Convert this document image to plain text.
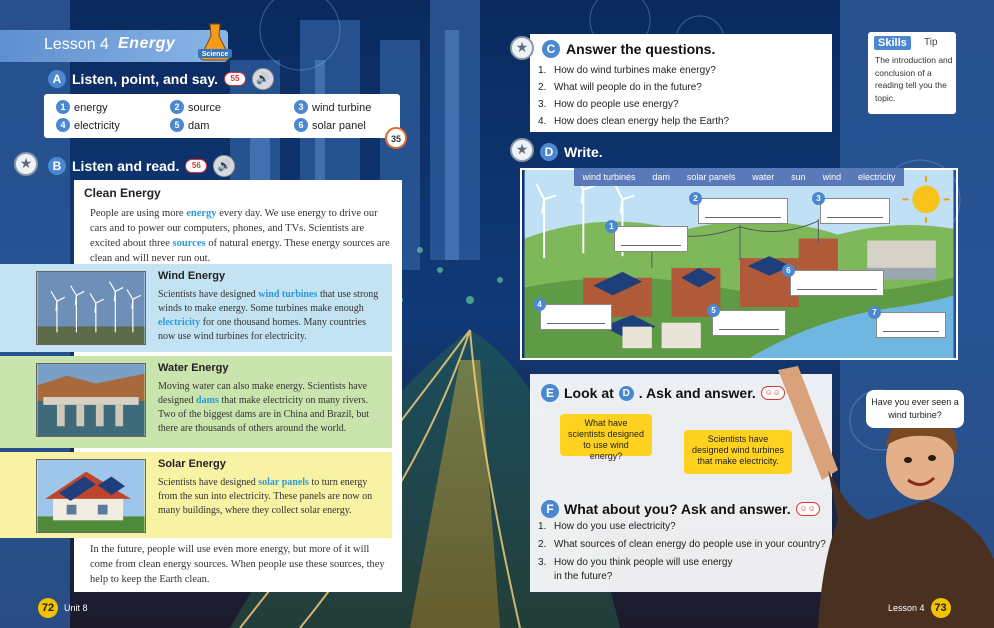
Lesson 4 Energy
Science
A Listen, point, and say.	55	🔊
1 energy	2 source	3 wind turbine
4 electricity	5 dam	6 solar panel
35
★	B Listen and read.	56	🔊
Clean Energy
People are using more energy every day. We use energy to drive our cars and to power our computers, phones, and TVs. Scientists are excited about three sources of natural energy. These energy sources are clean and will never run out.
In the future, people will use even more energy, but more of it will come from clean energy sources. When people use these sources, they help to keep the Earth clean.
Wind Energy
Scientists have designed wind turbines that use strong winds to make energy. Some turbines make enough electricity for one thousand homes. Many countries now use wind turbines for electricity.
Water Energy
Moving water can also make energy. Scientists have designed dams that make electricity on many rivers. Two of the biggest dams are in China and Brazil, but there are thousands of others around the world.
Solar Energy
Scientists have designed solar panels to turn energy from the sun into electricity. These panels are now on many buildings, where they collect solar energy.
★	C Answer the questions.
1. How do wind turbines make energy?
2. What will people do in the future?
3. How do people use energy?
4. How does clean energy help the Earth?
Skills	Tip
The introduction and conclusion of a reading tell you the topic.
★	D Write.
wind turbines dam solar panels water sun wind electricity
1
2	3
4
5
6
7
E Look at D . Ask and answer.	☺☺
What have scientists designed to use wind energy?
Scientists have designed wind turbines that make electricity.
F What about you? Ask and answer.	☺☺
1. How do you use electricity?
2. What sources of clean energy do people use in your country?
3. How do you think people will use energy
in the future?
Have you ever seen a wind turbine?
72	Unit 8	Lesson 4 73
